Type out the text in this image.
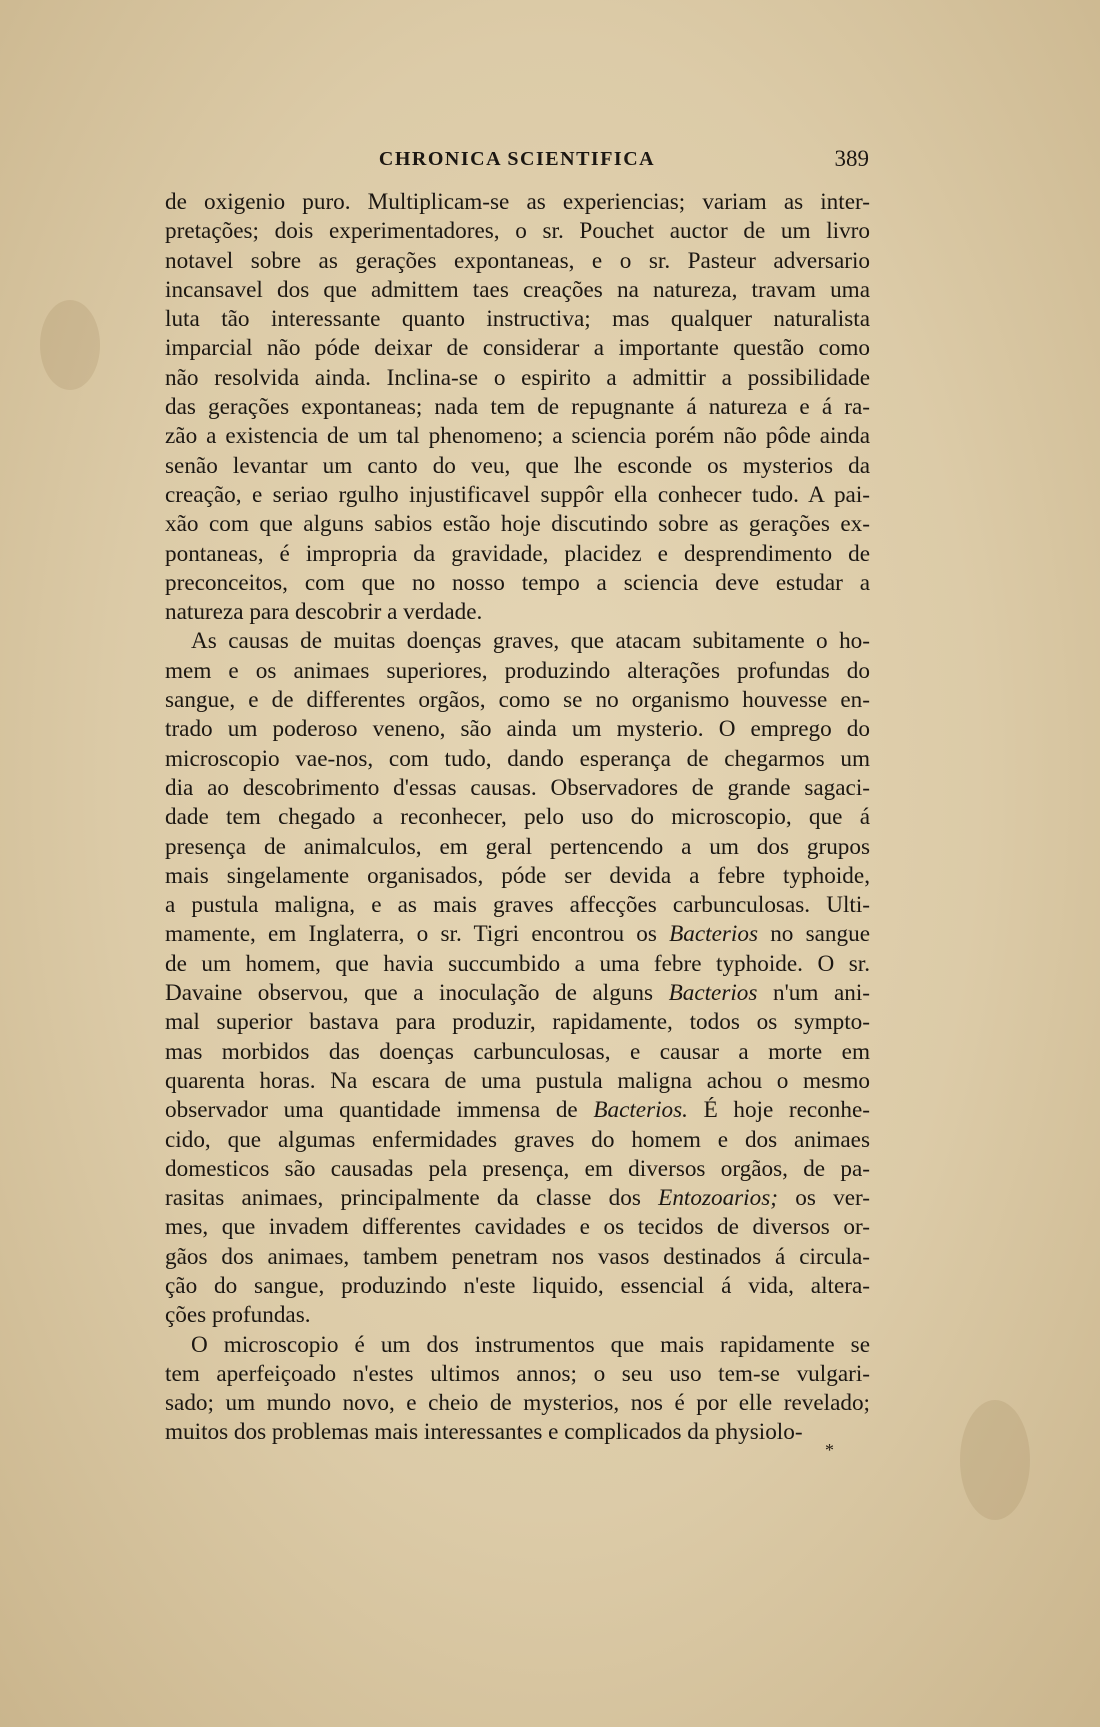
CHRONICA SCIENTIFICA	389

de oxigenio puro. Multiplicam-se as experiencias; variam as inter-
pretações; dois experimentadores, o sr. Pouchet auctor de um livro
notavel sobre as gerações expontaneas, e o sr. Pasteur adversario
incansavel dos que admittem taes creações na natureza, travam uma
luta tão interessante quanto instructiva; mas qualquer naturalista
imparcial não póde deixar de considerar a importante questão como
não resolvida ainda. Inclina-se o espirito a admittir a possibilidade
das gerações expontaneas; nada tem de repugnante á natureza e á ra-
zão a existencia de um tal phenomeno; a sciencia porém não pôde ainda
senão levantar um canto do veu, que lhe esconde os mysterios da
creação, e seriao rgulho injustificavel suppôr ella conhecer tudo. A pai-
xão com que alguns sabios estão hoje discutindo sobre as gerações ex-
pontaneas, é impropria da gravidade, placidez e desprendimento de
preconceitos, com que no nosso tempo a sciencia deve estudar a
natureza para descobrir a verdade.

As causas de muitas doenças graves, que atacam subitamente o ho-
mem e os animaes superiores, produzindo alterações profundas do
sangue, e de differentes orgãos, como se no organismo houvesse en-
trado um poderoso veneno, são ainda um mysterio. O emprego do
microscopio vae-nos, com tudo, dando esperança de chegarmos um
dia ao descobrimento d'essas causas. Observadores de grande sagaci-
dade tem chegado a reconhecer, pelo uso do microscopio, que á
presença de animalculos, em geral pertencendo a um dos grupos
mais singelamente organisados, póde ser devida a febre typhoide,
a pustula maligna, e as mais graves affecções carbunculosas. Ulti-
mamente, em Inglaterra, o sr. Tigri encontrou os Bacterios no sangue
de um homem, que havia succumbido a uma febre typhoide. O sr.
Davaine observou, que a inoculação de alguns Bacterios n'um ani-
mal superior bastava para produzir, rapidamente, todos os sympto-
mas morbidos das doenças carbunculosas, e causar a morte em
quarenta horas. Na escara de uma pustula maligna achou o mesmo
observador uma quantidade immensa de Bacterios. É hoje reconhe-
cido, que algumas enfermidades graves do homem e dos animaes
domesticos são causadas pela presença, em diversos orgãos, de pa-
rasitas animaes, principalmente da classe dos Entozoarios; os ver-
mes, que invadem differentes cavidades e os tecidos de diversos or-
gãos dos animaes, tambem penetram nos vasos destinados á circula-
ção do sangue, produzindo n'este liquido, essencial á vida, altera-
ções profundas.

O microscopio é um dos instrumentos que mais rapidamente se
tem aperfeiçoado n'estes ultimos annos; o seu uso tem-se vulgari-
sado; um mundo novo, e cheio de mysterios, nos é por elle revelado;
muitos dos problemas mais interessantes e complicados da physiolo-

*
